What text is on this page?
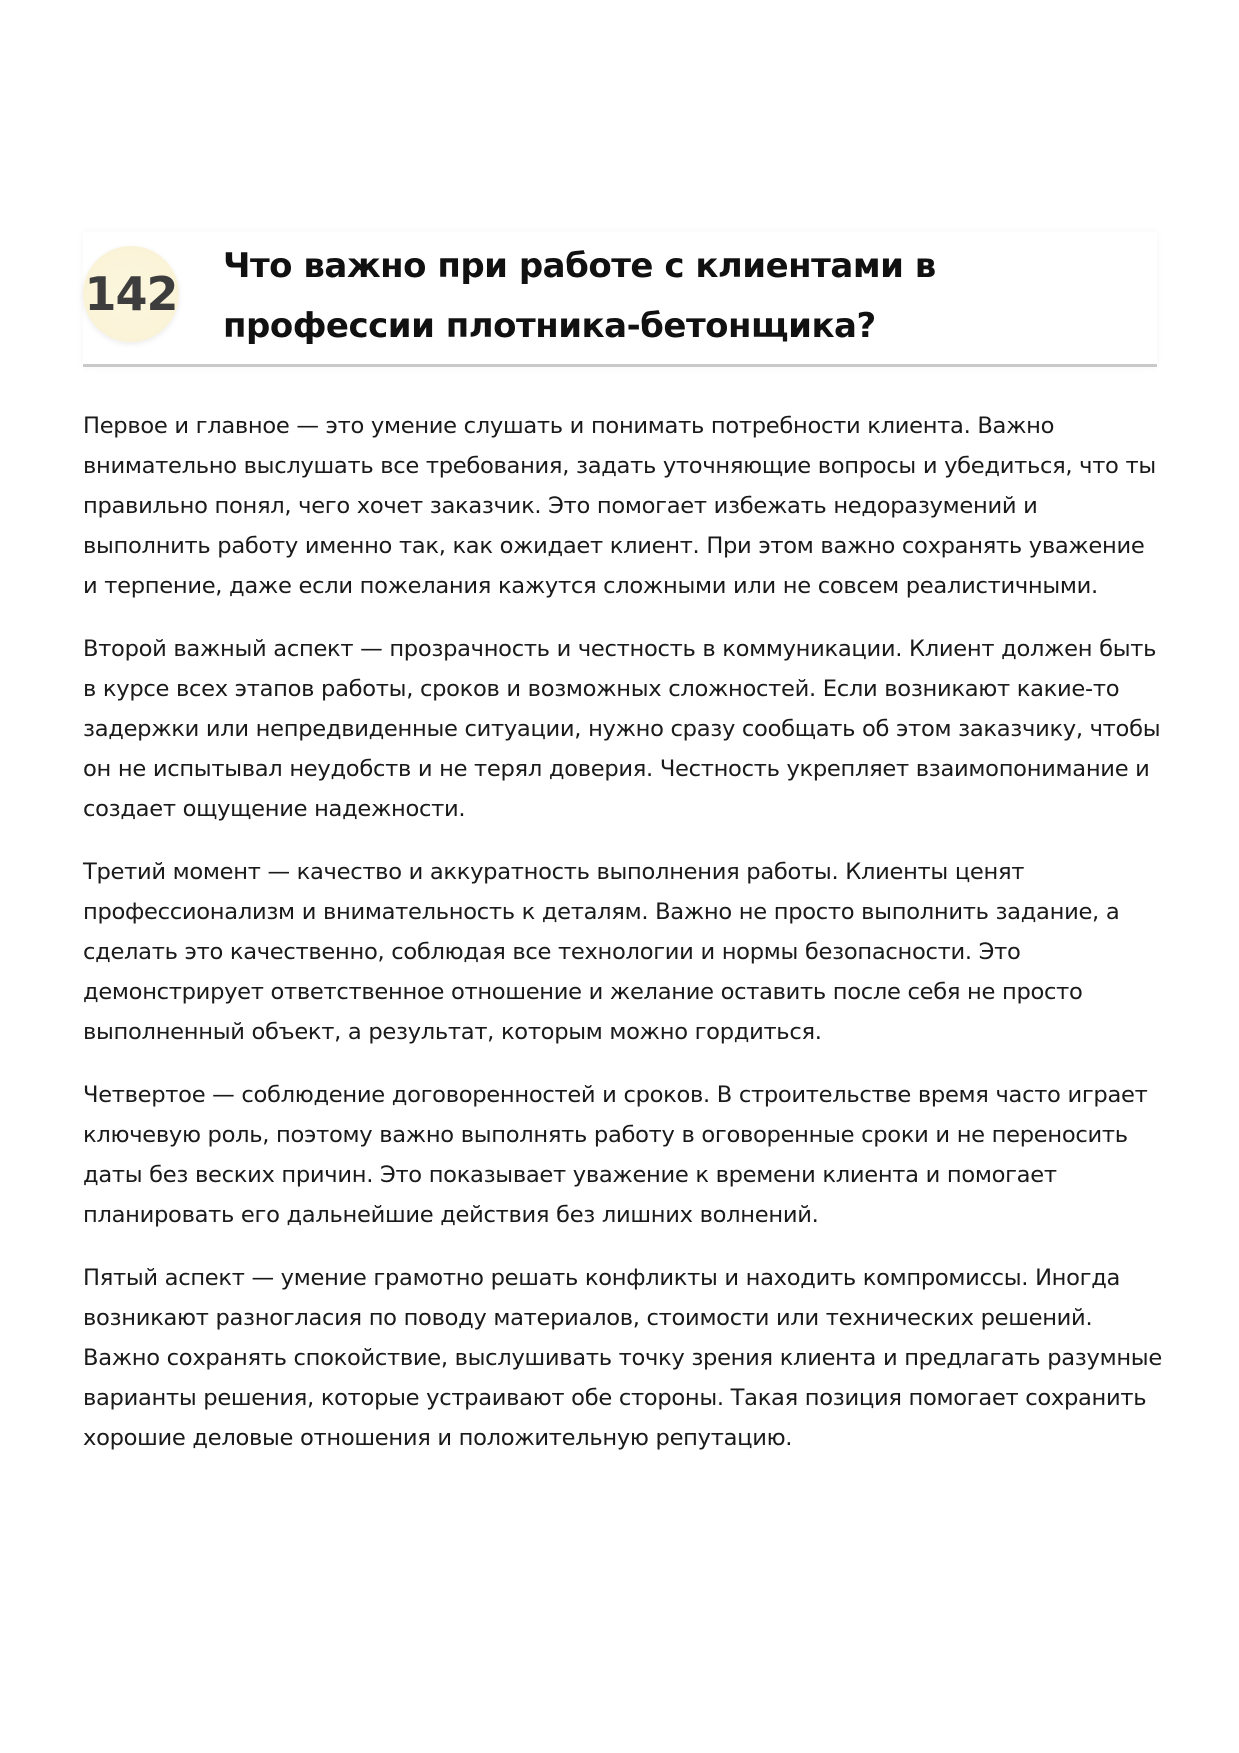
142
Что важно при работе с клиентами в профессии плотника-бетонщика?

Первое и главное — это умение слушать и понимать потребности клиента. Важно внимательно выслушать все требования, задать уточняющие вопросы и убедиться, что ты правильно понял, чего хочет заказчик. Это помогает избежать недоразумений и выполнить работу именно так, как ожидает клиент. При этом важно сохранять уважение и терпение, даже если пожелания кажутся сложными или не совсем реалистичными.

Второй важный аспект — прозрачность и честность в коммуникации. Клиент должен быть в курсе всех этапов работы, сроков и возможных сложностей. Если возникают какие-то задержки или непредвиденные ситуации, нужно сразу сообщать об этом заказчику, чтобы он не испытывал неудобств и не терял доверия. Честность укрепляет взаимопонимание и создает ощущение надежности.

Третий момент — качество и аккуратность выполнения работы. Клиенты ценят профессионализм и внимательность к деталям. Важно не просто выполнить задание, а сделать это качественно, соблюдая все технологии и нормы безопасности. Это демонстрирует ответственное отношение и желание оставить после себя не просто выполненный объект, а результат, которым можно гордиться.

Четвертое — соблюдение договоренностей и сроков. В строительстве время часто играет ключевую роль, поэтому важно выполнять работу в оговоренные сроки и не переносить даты без веских причин. Это показывает уважение к времени клиента и помогает планировать его дальнейшие действия без лишних волнений.

Пятый аспект — умение грамотно решать конфликты и находить компромиссы. Иногда возникают разногласия по поводу материалов, стоимости или технических решений. Важно сохранять спокойствие, выслушивать точку зрения клиента и предлагать разумные варианты решения, которые устраивают обе стороны. Такая позиция помогает сохранить хорошие деловые отношения и положительную репутацию.
